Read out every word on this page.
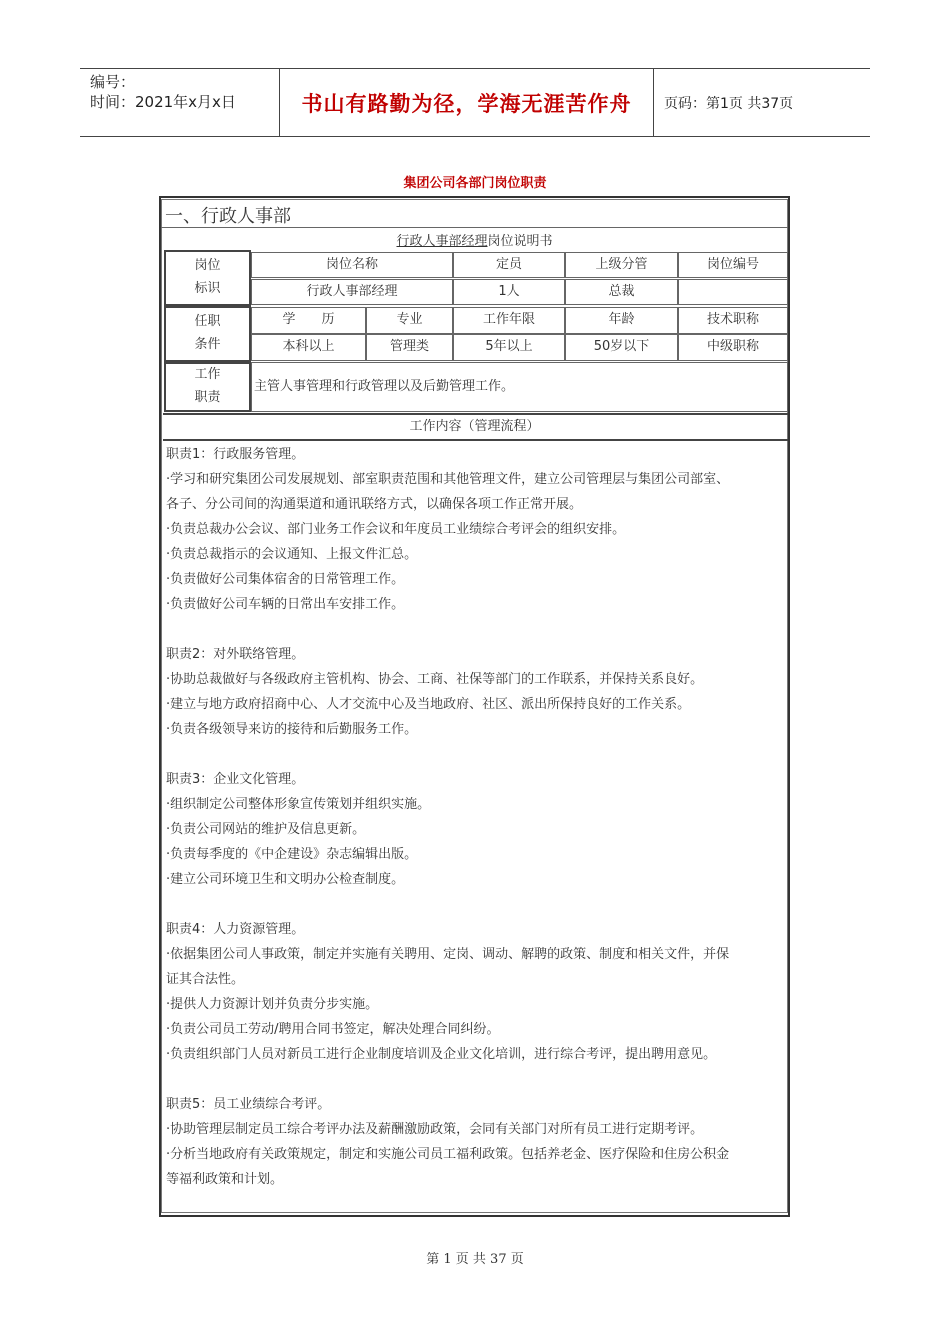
编号：
时间：2021年x月x日	书山有路勤为径，学海无涯苦作舟 页码：第1页 共37页
集团公司各部门岗位职责
一、行政人事部
行政人事部经理岗位说明书
岗位
标识
岗位名称	定员	上级分管	岗位编号
行政人事部经理	1人	总裁
任职
条件
学　　历	专业	工作年限	年龄	技术职称
本科以上	管理类	5年以上	50岁以下	中级职称
工作
职责
主管人事管理和行政管理以及后勤管理工作。
工作内容（管理流程）

职责1：行政服务管理。

·学习和研究集团公司发展规划、部室职责范围和其他管理文件，建立公司管理层与集团公司部室、

各子、分公司间的沟通渠道和通讯联络方式，以确保各项工作正常开展。

·负责总裁办公会议、部门业务工作会议和年度员工业绩综合考评会的组织安排。

·负责总裁指示的会议通知、上报文件汇总。

·负责做好公司集体宿舍的日常管理工作。

·负责做好公司车辆的日常出车安排工作。

职责2：对外联络管理。

·协助总裁做好与各级政府主管机构、协会、工商、社保等部门的工作联系，并保持关系良好。

·建立与地方政府招商中心、人才交流中心及当地政府、社区、派出所保持良好的工作关系。

·负责各级领导来访的接待和后勤服务工作。

职责3：企业文化管理。

·组织制定公司整体形象宣传策划并组织实施。

·负责公司网站的维护及信息更新。

·负责每季度的《中企建设》杂志编辑出版。

·建立公司环境卫生和文明办公检查制度。

职责4：人力资源管理。

·依据集团公司人事政策，制定并实施有关聘用、定岗、调动、解聘的政策、制度和相关文件，并保

证其合法性。

·提供人力资源计划并负责分步实施。

·负责公司员工劳动/聘用合同书签定，解决处理合同纠纷。

·负责组织部门人员对新员工进行企业制度培训及企业文化培训，进行综合考评，提出聘用意见。

职责5：员工业绩综合考评。

·协助管理层制定员工综合考评办法及薪酬激励政策，会同有关部门对所有员工进行定期考评。

·分析当地政府有关政策规定，制定和实施公司员工福利政策。包括养老金、医疗保险和住房公积金

等福利政策和计划。

第 1 页 共 37 页
